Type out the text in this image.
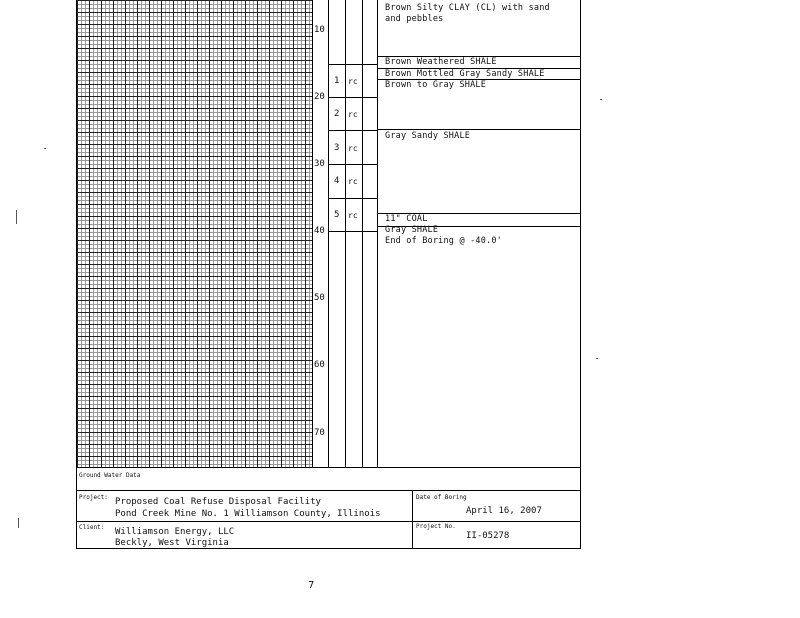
10
20
30
40
50
60
70
1 rc
2 rc
3 rc
4 rc
5 rc
Brown Silty CLAY (CL) with sand
and pebbles
Brown Weathered SHALE
Brown Mottled Gray Sandy SHALE
Brown to Gray SHALE
Gray Sandy SHALE
11" COAL
Gray SHALE
End of Boring @ -40.0'
Ground Water Data
Project: Proposed Coal Refuse Disposal Facility
Pond Creek Mine No. 1 Williamson County, Illinois
Date of Boring
April 16, 2007
Client: Williamson Energy, LLC
Beckly, West Virginia
Project No.
II-05278
7
